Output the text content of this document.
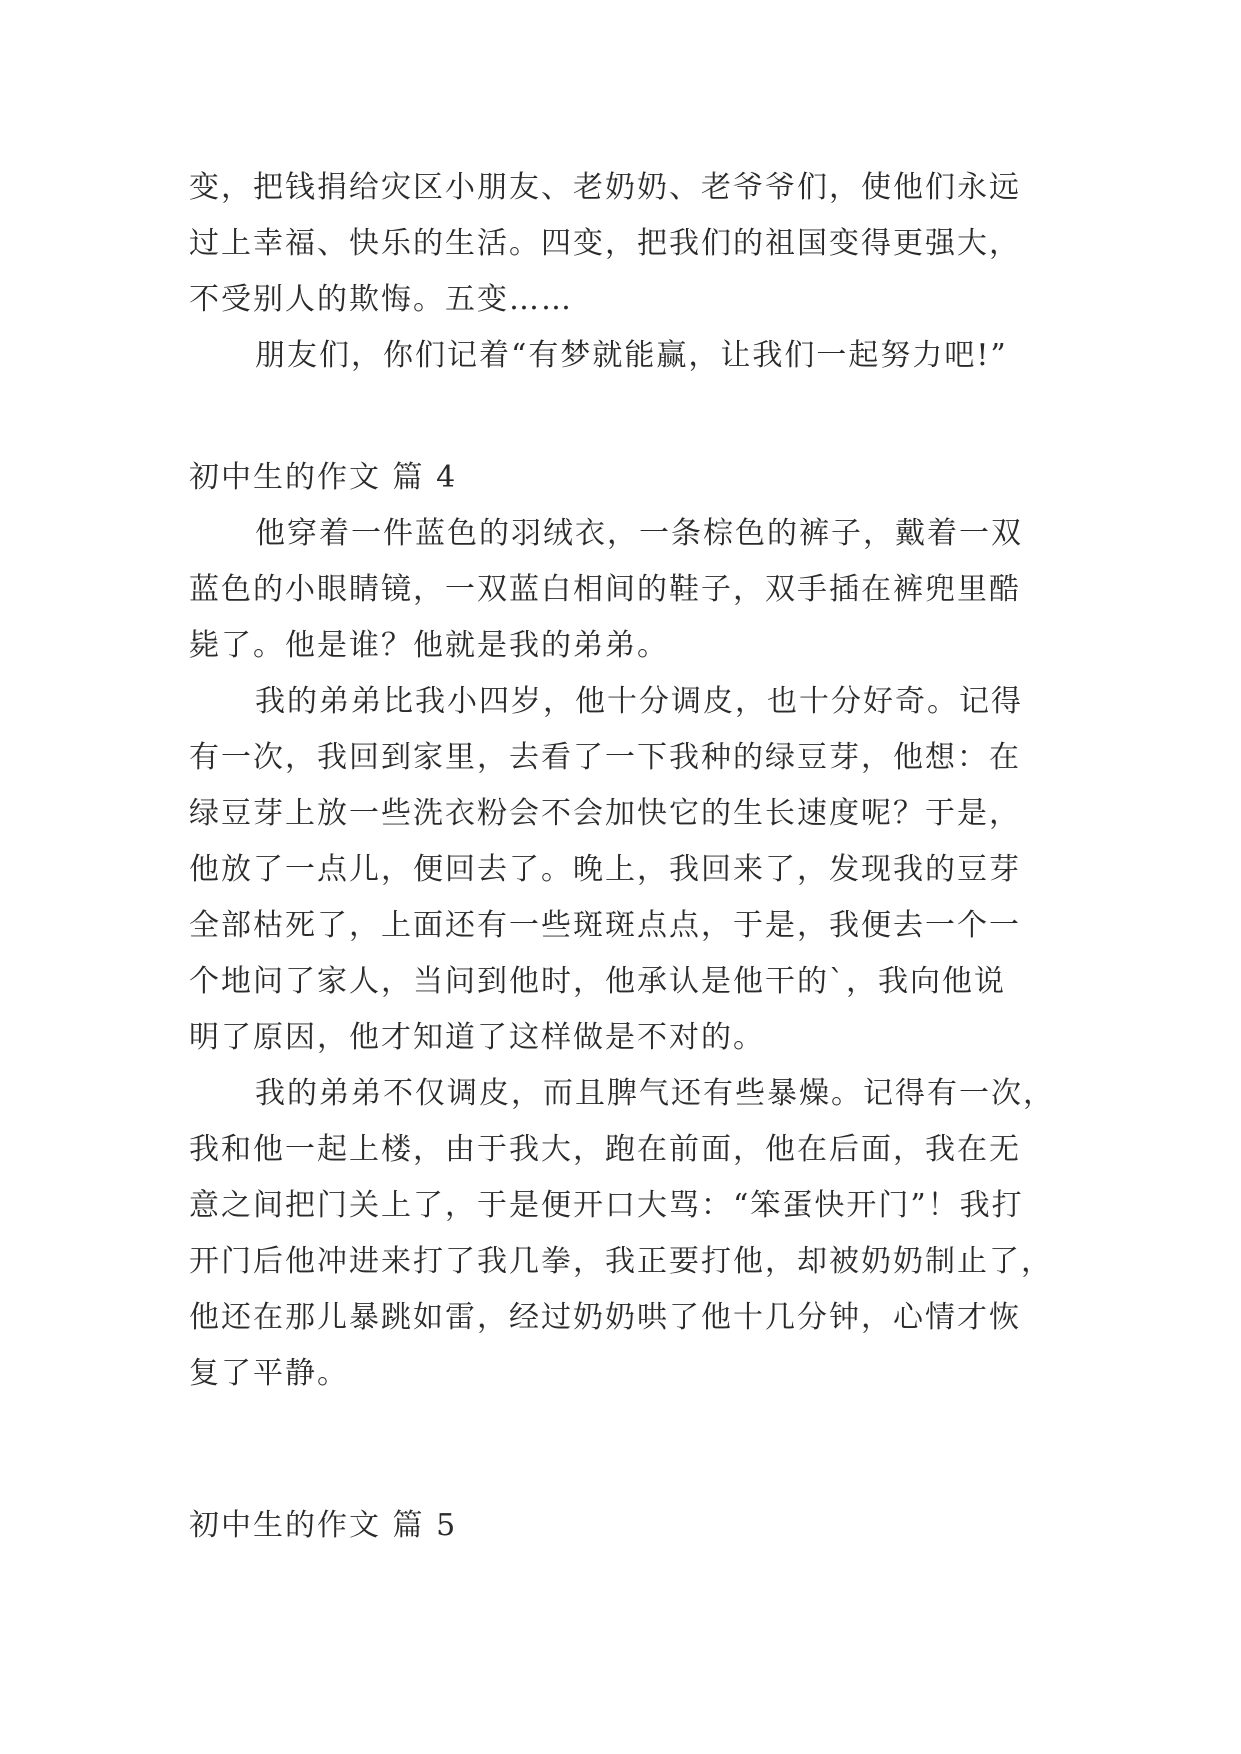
变，把钱捐给灾区小朋友、老奶奶、老爷爷们，使他们永远
过上幸福、快乐的生活。四变，把我们的祖国变得更强大，
不受别人的欺悔。五变……
朋友们，你们记着“有梦就能赢，让我们一起努力吧!”
初中生的作文 篇 4
他穿着一件蓝色的羽绒衣，一条棕色的裤子，戴着一双
蓝色的小眼睛镜，一双蓝白相间的鞋子，双手插在裤兜里酷
毙了。他是谁？他就是我的弟弟。
我的弟弟比我小四岁，他十分调皮，也十分好奇。记得
有一次，我回到家里，去看了一下我种的绿豆芽，他想：在
绿豆芽上放一些洗衣粉会不会加快它的生长速度呢？于是，
他放了一点儿，便回去了。晚上，我回来了，发现我的豆芽
全部枯死了，上面还有一些斑斑点点，于是，我便去一个一
个地问了家人，当问到他时，他承认是他干的`，我向他说
明了原因，他才知道了这样做是不对的。
我的弟弟不仅调皮，而且脾气还有些暴燥。记得有一次，
我和他一起上楼，由于我大，跑在前面，他在后面，我在无
意之间把门关上了，于是便开口大骂：“笨蛋快开门”！我打
开门后他冲进来打了我几拳，我正要打他，却被奶奶制止了，
他还在那儿暴跳如雷，经过奶奶哄了他十几分钟，心情才恢
复了平静。
初中生的作文 篇 5
